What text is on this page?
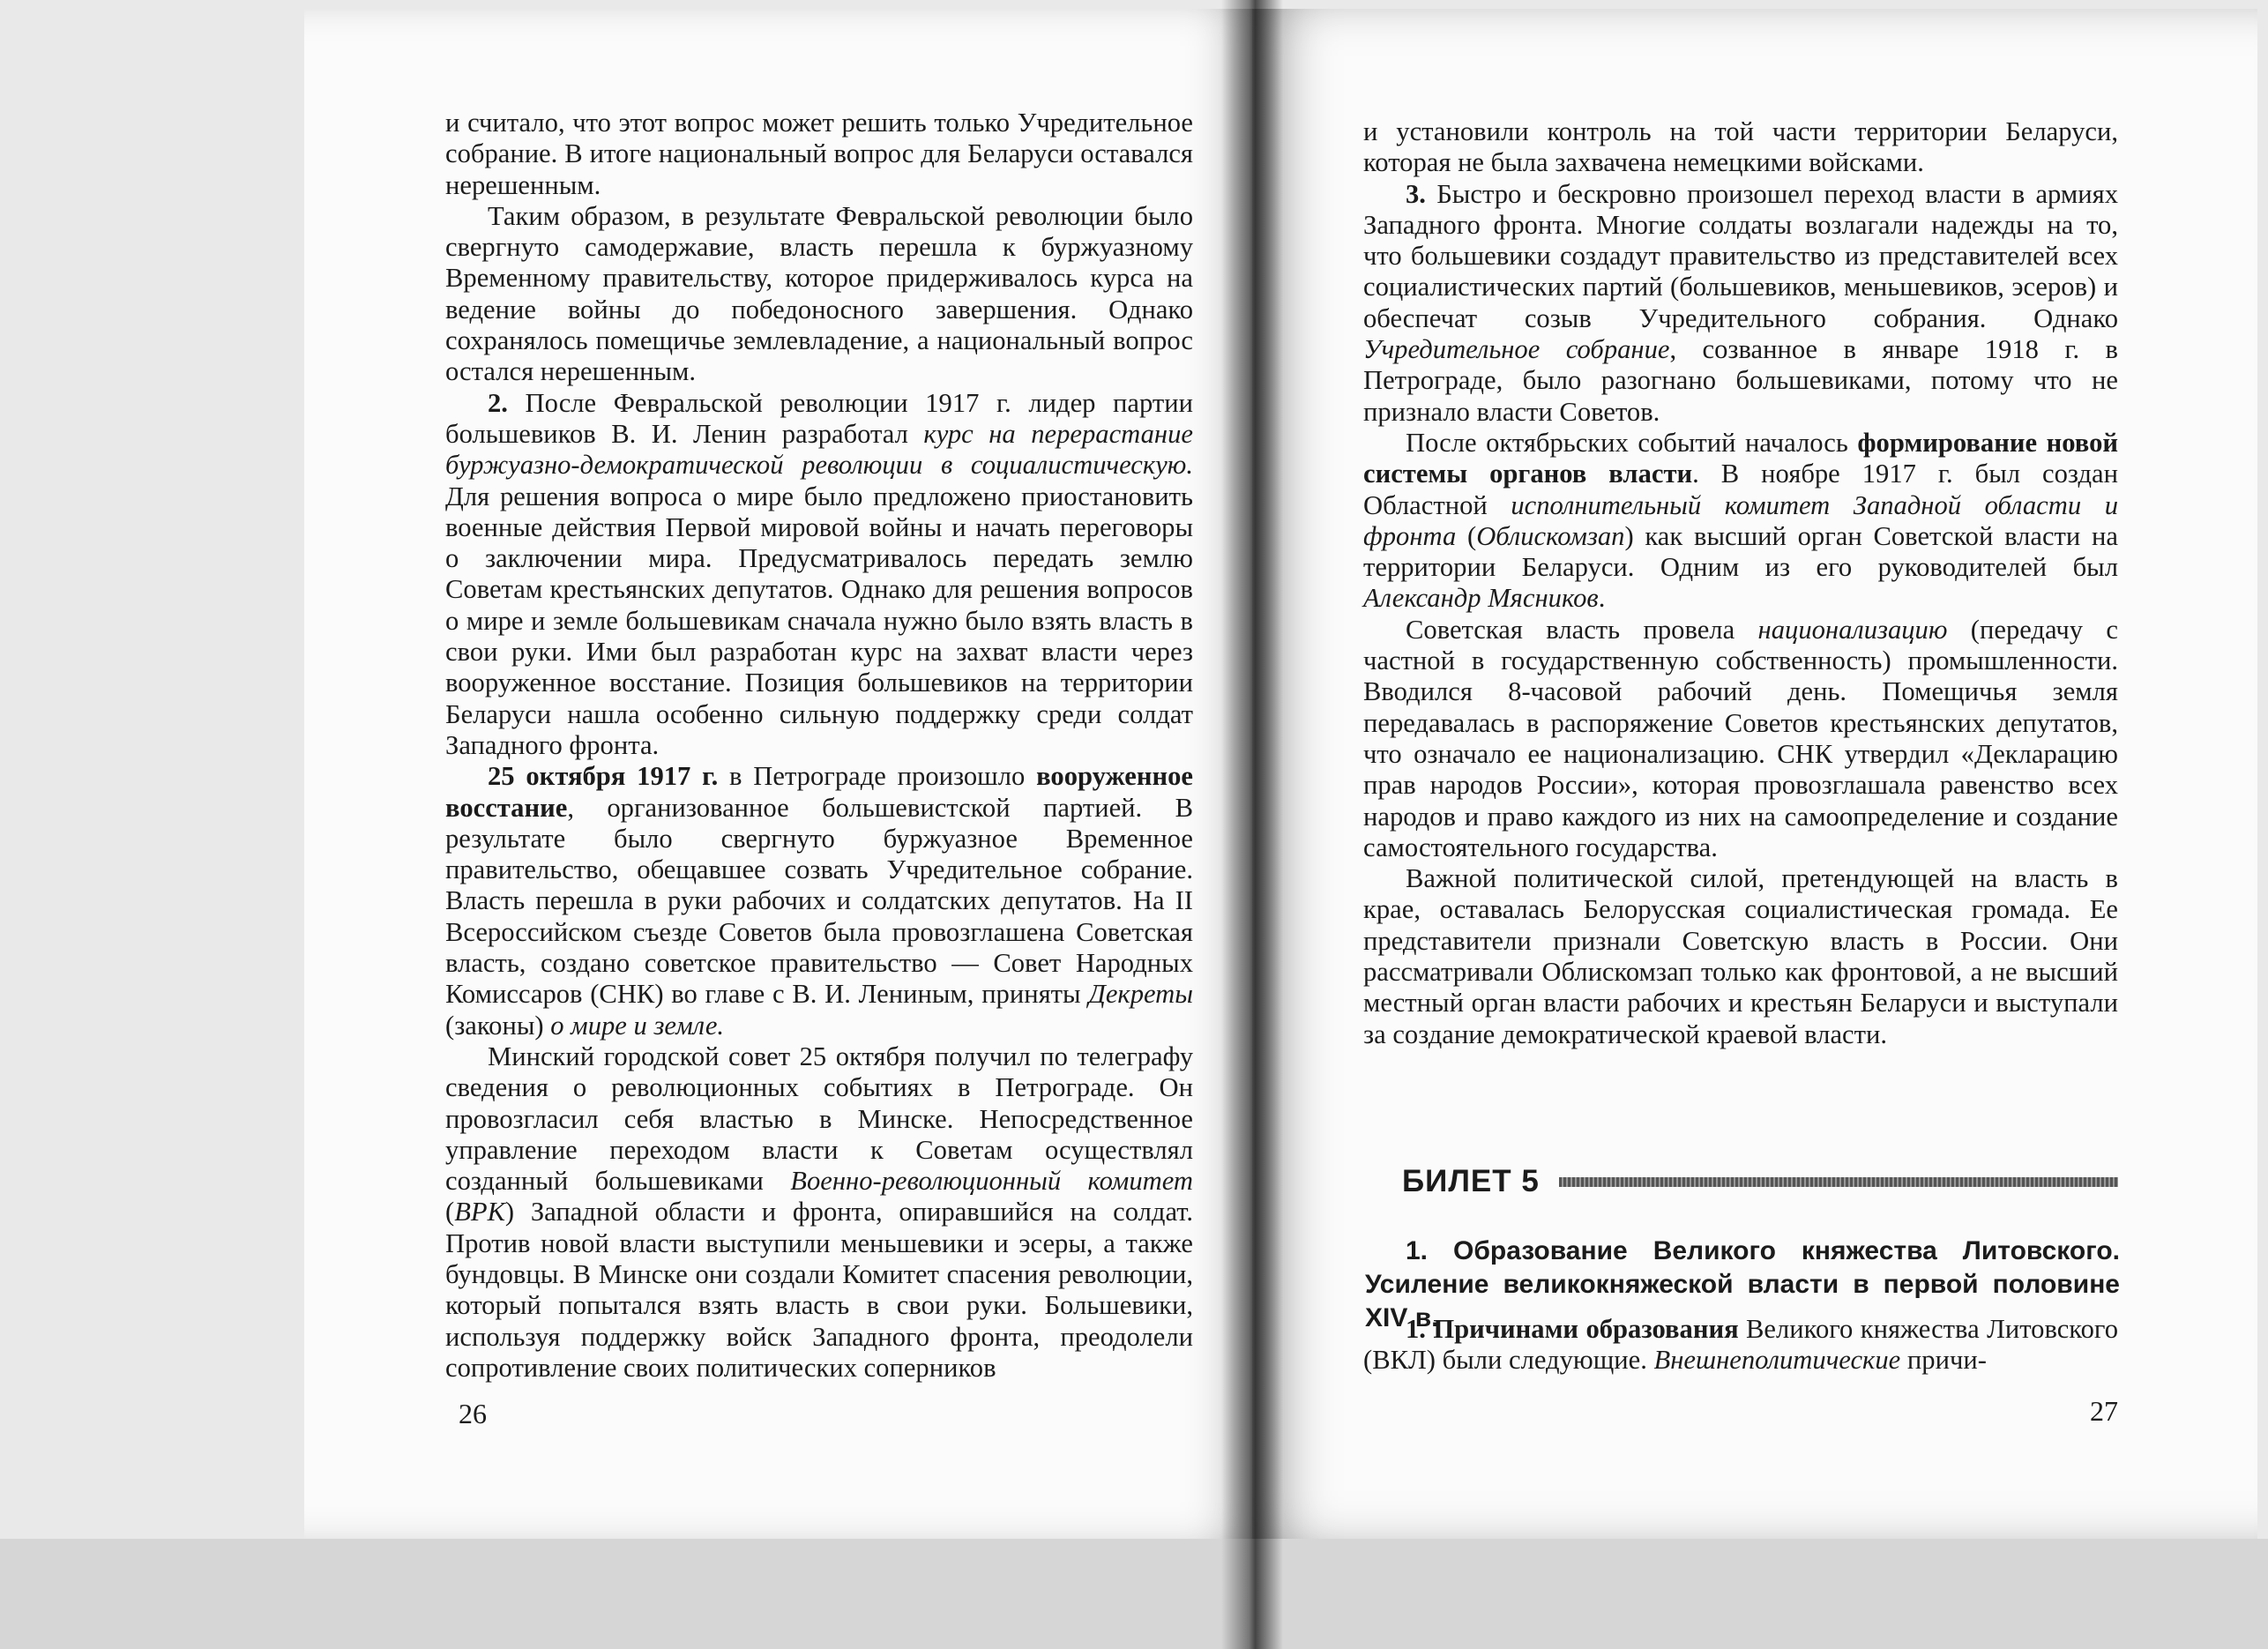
и считало, что этот вопрос может решить только Учредительное собрание. В итоге национальный вопрос для Беларуси оставался нерешенным.

Таким образом, в результате Февральской революции было свергнуто самодержавие, власть перешла к буржуазному Временному правительству, которое придерживалось курса на ведение войны до победоносного завершения. Однако сохранялось помещичье землевладение, а национальный вопрос остался нерешенным.

2. После Февральской революции 1917 г. лидер партии большевиков В. И. Ленин разработал курс на перерастание буржуазно-демократической революции в социалистическую. Для решения вопроса о мире было предложено приостановить военные действия Первой мировой войны и начать переговоры о заключении мира. Предусматривалось передать землю Советам крестьянских депутатов. Однако для решения вопросов о мире и земле большевикам сначала нужно было взять власть в свои руки. Ими был разработан курс на захват власти через вооруженное восстание. Позиция большевиков на территории Беларуси нашла особенно сильную поддержку среди солдат Западного фронта.

25 октября 1917 г. в Петрограде произошло вооруженное восстание, организованное большевистской партией. В результате было свергнуто буржуазное Временное правительство, обещавшее созвать Учредительное собрание. Власть перешла в руки рабочих и солдатских депутатов. На II Всероссийском съезде Советов была провозглашена Советская власть, создано советское правительство — Совет Народных Комиссаров (СНК) во главе с В. И. Лениным, приняты Декреты (законы) о мире и земле.

Минский городской совет 25 октября получил по телеграфу сведения о революционных событиях в Петрограде. Он провозгласил себя властью в Минске. Непосредственное управление переходом власти к Советам осуществлял созданный большевиками Военно-революционный комитет (ВРК) Западной области и фронта, опиравшийся на солдат. Против новой власти выступили меньшевики и эсеры, а также бундовцы. В Минске они создали Комитет спасения революции, который попытался взять власть в свои руки. Большевики, используя поддержку войск Западного фронта, преодолели сопротивление своих политических соперников

26

и установили контроль на той части территории Беларуси, которая не была захвачена немецкими войсками.

3. Быстро и бескровно произошел переход власти в армиях Западного фронта. Многие солдаты возлагали надежды на то, что большевики создадут правительство из представителей всех социалистических партий (большевиков, меньшевиков, эсеров) и обеспечат созыв Учредительного собрания. Однако Учредительное собрание, созванное в январе 1918 г. в Петрограде, было разогнано большевиками, потому что не признало власти Советов.

После октябрьских событий началось формирование новой системы органов власти. В ноябре 1917 г. был создан Областной исполнительный комитет Западной области и фронта (Облискомзап) как высший орган Советской власти на территории Беларуси. Одним из его руководителей был Александр Мясников.

Советская власть провела национализацию (передачу с частной в государственную собственность) промышленности. Вводился 8-часовой рабочий день. Помещичья земля передавалась в распоряжение Советов крестьянских депутатов, что означало ее национализацию. СНК утвердил «Декларацию прав народов России», которая провозглашала равенство всех народов и право каждого из них на самоопределение и создание самостоятельного государства.

Важной политической силой, претендующей на власть в крае, оставалась Белорусская социалистическая громада. Ее представители признали Советскую власть в России. Они рассматривали Облискомзап только как фронтовой, а не высший местный орган власти рабочих и крестьян Беларуси и выступали за создание демократической краевой власти.

БИЛЕТ 5
1. Образование Великого княжества Литовского. Усиление великокняжеской власти в первой половине XIV в.

1. Причинами образования Великого княжества Литовского (ВКЛ) были следующие. Внешнеполитические причи-

27
